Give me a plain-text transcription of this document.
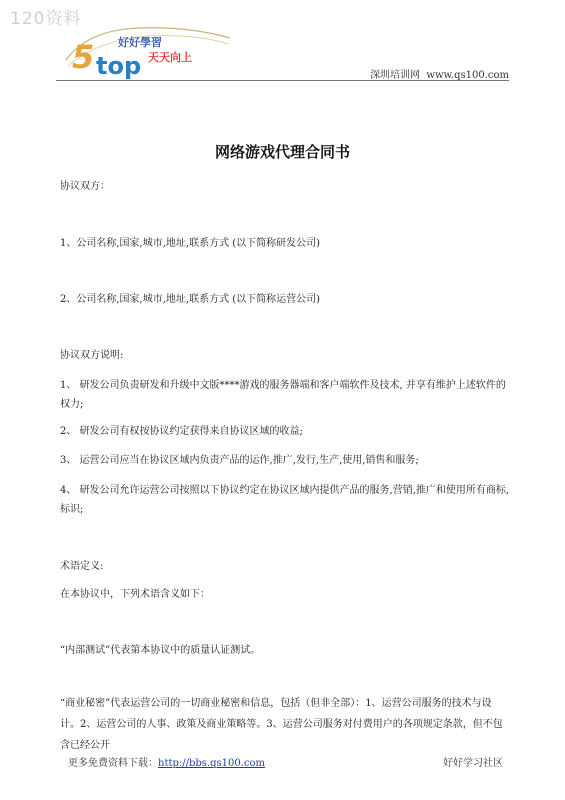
120资料
5 top
好好學習
天天向上
深圳培训网 www.qs100.com
网络游戏代理合同书
协议双方：
1、公司名称,国家,城市,地址,联系方式 (以下简称研发公司)
2、公司名称,国家,城市,地址,联系方式 (以下简称运营公司)
协议双方说明:
1、 研发公司负责研发和升级中文版****游戏的服务器端和客户端软件及技术, 并享有维护上述软件的权力;
2、 研发公司有权按协议约定获得来自协议区域的收益;
3、 运营公司应当在协议区域内负责产品的运作,推广,发行,生产,使用,销售和服务;
4、 研发公司允许运营公司按照以下协议约定在协议区域内提供产品的服务,营销,推广和使用所有商标,标识;
术语定义:
在本协议中，下列术语含义如下：
“内部测试”代表第本协议中的质量认证测试。
“商业秘密”代表运营公司的一切商业秘密和信息，包括（但非全部）：1、运营公司服务的技术与设计。2、运营公司的人事、政策及商业策略等。3、运营公司服务对付费用户的各项规定条款，但不包含已经公开
更多免费资料下载：http://bbs.qs100.com	好好学习社区
